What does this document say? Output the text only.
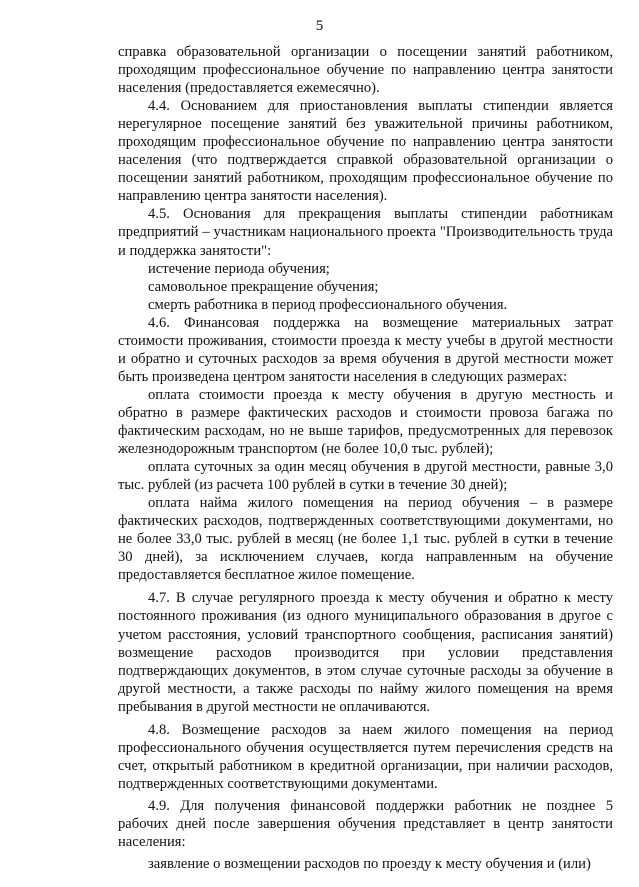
5

справка образовательной организации о посещении занятий работником, проходящим профессиональное обучение по направлению центра занятости населения (предоставляется ежемесячно).

4.4. Основанием для приостановления выплаты стипендии является нерегулярное посещение занятий без уважительной причины работником, проходящим профессиональное обучение по направлению центра занятости населения (что подтверждается справкой образовательной организации о посещении занятий работником, проходящим профессиональное обучение по направлению центра занятости населения).

4.5. Основания для прекращения выплаты стипендии работникам предприятий – участникам национального проекта "Производительность труда и поддержка занятости":

истечение периода обучения;

самовольное прекращение обучения;

смерть работника в период профессионального обучения.

4.6. Финансовая поддержка на возмещение материальных затрат стоимости проживания, стоимости проезда к месту учебы в другой местности и обратно и суточных расходов за время обучения в другой местности может быть произведена центром занятости населения в следующих размерах:

оплата стоимости проезда к месту обучения в другую местность и обратно в размере фактических расходов и стоимости провоза багажа по фактическим расходам, но не выше тарифов, предусмотренных для перевозок железнодорожным транспортом (не более 10,0 тыс. рублей);

оплата суточных за один месяц обучения в другой местности, равные 3,0 тыс. рублей (из расчета 100 рублей в сутки в течение 30 дней);

оплата найма жилого помещения на период обучения – в размере фактических расходов, подтвержденных соответствующими документами, но не более 33,0 тыс. рублей в месяц (не более 1,1 тыс. рублей в сутки в течение 30 дней), за исключением случаев, когда направленным на обучение предоставляется бесплатное жилое помещение.

4.7. В случае регулярного проезда к месту обучения и обратно к месту постоянного проживания (из одного муниципального образования в другое с учетом расстояния, условий транспортного сообщения, расписания занятий) возмещение расходов производится при условии представления подтверждающих документов, в этом случае суточные расходы за обучение в другой местности, а также расходы по найму жилого помещения на время пребывания в другой местности не оплачиваются.

4.8. Возмещение расходов за наем жилого помещения на период профессионального обучения осуществляется путем перечисления средств на счет, открытый работником в кредитной организации, при наличии расходов, подтвержденных соответствующими документами.

4.9. Для получения финансовой поддержки работник не позднее 5 рабочих дней после завершения обучения представляет в центр занятости населения:

заявление о возмещении расходов по проезду к месту обучения и (или)
